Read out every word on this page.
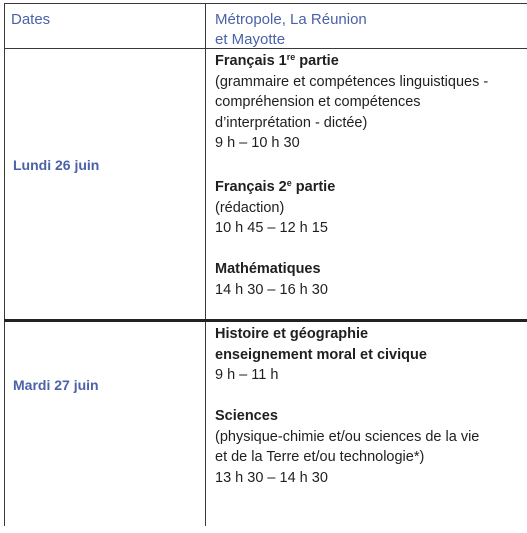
Dates	Métropole, La Réunion
et Mayotte
Lundi 26 juin
Français 1re partie
(grammaire et compétences linguistiques -
compréhension et compétences
d’interprétation - dictée)
9 h – 10 h 30
Français 2e partie
(rédaction)
10 h 45 – 12 h 15
Mathématiques
14 h 30 – 16 h 30
Mardi 27 juin
Histoire et géographie
enseignement moral et civique
9 h – 11 h
Sciences
(physique-chimie et/ou sciences de la vie
et de la Terre et/ou technologie*)
13 h 30 – 14 h 30
